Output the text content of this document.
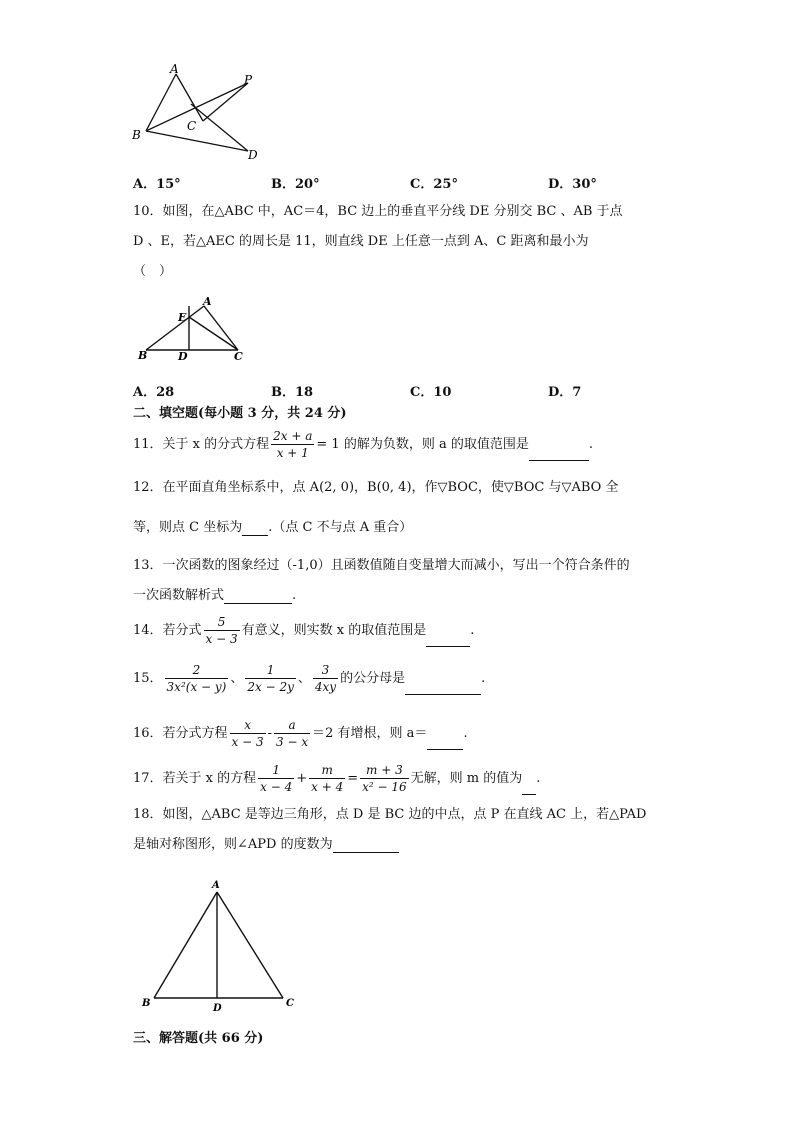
A
P
B
C
D
A．15°	B．20°	C．25°	D．30°
10．如图，在△ABC 中，AC＝4，BC 边上的垂直平分线 DE 分别交 BC 、AB 于点
D 、E，若△AEC 的周长是 11，则直线 DE 上任意一点到 A、C 距离和最小为
（　）
A
E
B	D	C
A．28	B．18	C．10	D．7
二、填空题(每小题 3 分，共 24 分)
11．关于 x 的分式方程 $\frac{2x + a}{x + 1} = 1$ 的解为负数，则 a 的取值范围是	.
12．在平面直角坐标系中，点 A(2, 0)，B(0, 4)，作▽BOC，使▽BOC 与▽ABO 全
等，则点 C 坐标为 .（点 C 不与点 A 重合）
13．一次函数的图象经过（-1,0）且函数值随自变量增大而减小，写出一个符合条件的
一次函数解析式	.
14．若分式 $\frac{5}{x - 3}$ 有意义，则实数 x 的取值范围是	.
15． $\frac{2}{\text{3x²(x − y)}}$ 、 $\frac{1}{2x - 2y}$ 、 $\frac{3}{4xy}$ 的公分母是	.
16．若分式方程 $\frac{x}{x - 3} - \frac{a}{3 - x} =2$ 有增根，则 a＝	.
17．若关于 x 的方程 $\frac{1}{x - 4} + \frac{m}{x + 4} = \frac{m + 3}{\text{x² − 16}}$ 无解，则 m 的值为 .
18．如图，△ABC 是等边三角形，点 D 是 BC 边的中点，点 P 在直线 AC 上，若△PAD
是轴对称图形，则∠APD 的度数为
A
B	D	C
三、解答题(共 66 分)
